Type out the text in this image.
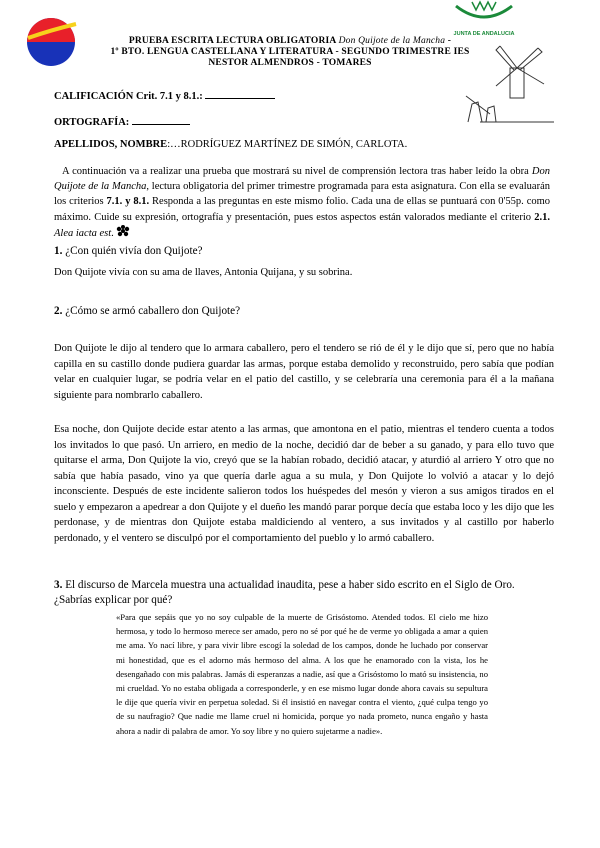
JUNTA DE ANDALUCIA
PRUEBA ESCRITA LECTURA OBLIGATORIA Don Quijote de la Mancha -
1º BTO. LENGUA CASTELLANA Y LITERATURA - SEGUNDO TRIMESTRE IES
NESTOR ALMENDROS - TOMARES
CALIFICACIÓN Crit. 7.1 y 8.1.:
ORTOGRAFÍA:
APELLIDOS, NOMBRE:…RODRÍGUEZ MARTÍNEZ DE SIMÓN, CARLOTA.
A continuación va a realizar una prueba que mostrará su nivel de comprensión lectora tras haber leído la obra Don Quijote de la Mancha, lectura obligatoria del primer trimestre programada para esta asignatura. Con ella se evaluarán los criterios 7.1. y 8.1. Responda a las preguntas en este mismo folio. Cada una de ellas se puntuará con 0'55p. como máximo. Cuide su expresión, ortografía y presentación, pues estos aspectos están valorados mediante el criterio 2.1. Alea iacta est.
1. ¿Con quién vivía don Quijote?
Don Quijote vivía con su ama de llaves, Antonia Quijana, y su sobrina.
2. ¿Cómo se armó caballero don Quijote?
Don Quijote le dijo al tendero que lo armara caballero, pero el tendero se rió de él y le dijo que sí, pero que no había capilla en su castillo donde pudiera guardar las armas, porque estaba demolido y reconstruido, pero sabía que podían velar en cualquier lugar, se podría velar en el patio del castillo, y se celebraría una ceremonia para él a la mañana siguiente para nombrarlo caballero.
Esa noche, don Quijote decide estar atento a las armas, que amontona en el patio, mientras el tendero cuenta a todos los invitados lo que pasó. Un arriero, en medio de la noche, decidió dar de beber a su ganado, y para ello tuvo que quitarse el arma, Don Quijote la vio, creyó que se la habían robado, decidió atacar, y aturdió al arriero Y otro que no sabía que había pasado, vino ya que quería darle agua a su mula, y Don Quijote lo volvió a atacar y lo dejó inconsciente. Después de este incidente salieron todos los huéspedes del mesón y vieron a sus amigos tirados en el suelo y empezaron a apedrear a don Quijote y el dueño les mandó parar porque decía que estaba loco y les dijo que les perdonase, y de mientras don Quijote estaba maldiciendo al ventero, a sus invitados y al castillo por haberlo perdonado, y el ventero se disculpó por el comportamiento del pueblo y lo armó caballero.
3. El discurso de Marcela muestra una actualidad inaudita, pese a haber sido escrito en el Siglo de Oro. ¿Sabrías explicar por qué?
«Para que sepáis que yo no soy culpable de la muerte de Grisóstomo. Atended todos. El cielo me hizo hermosa, y todo lo hermoso merece ser amado, pero no sé por qué he de verme yo obligada a amar a quien me ama. Yo nací libre, y para vivir libre escogí la soledad de los campos, donde he luchado por conservar mi honestidad, que es el adorno más hermoso del alma. A los que he enamorado con la vista, los he desengañado con mis palabras. Jamás di esperanzas a nadie, así que a Grisóstomo lo mató su insistencia, no mi crueldad. Yo no estaba obligada a corresponderle, y en ese mismo lugar donde ahora cavais su sepultura le dije que quería vivir en perpetua soledad. Si él insistió en navegar contra el viento, ¿qué culpa tengo yo de su naufragio? Que nadie me llame cruel ni homicida, porque yo nada prometo, nunca engaño y hasta ahora a nadir di palabra de amor. Yo soy libre y no quiero sujetarme a nadie».
